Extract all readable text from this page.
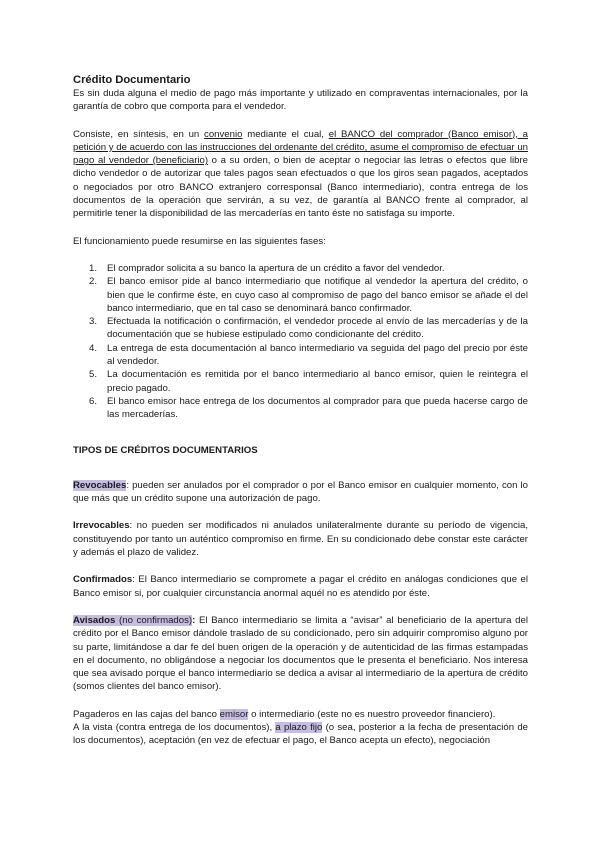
Crédito Documentario

Es sin duda alguna el medio de pago más importante y utilizado en compraventas internacionales, por la garantía de cobro que comporta para el vendedor.

Consiste, en síntesis, en un convenio mediante el cual, el BANCO del comprador (Banco emisor), a petición y de acuerdo con las instrucciones del ordenante del crédito, asume el compromiso de efectuar un pago al vendedor (beneficiario) o a su orden, o bien de aceptar o negociar las letras o efectos que libre dicho vendedor o de autorizar que tales pagos sean efectuados o que los giros sean pagados, aceptados o negociados por otro BANCO extranjero corresponsal (Banco intermediario), contra entrega de los documentos de la operación que servirán, a su vez, de garantía al BANCO frente al comprador, al permitirle tener la disponibilidad de las mercaderías en tanto éste no satisfaga su importe.

El funcionamiento puede resumirse en las siguientes fases:

1. El comprador solicita a su banco la apertura de un crédito a favor del vendedor.
2. El banco emisor pide al banco intermediario que notifique al vendedor la apertura del crédito, o bien que le confirme éste, en cuyo caso al compromiso de pago del banco emisor se añade el del banco intermediario, que en tal caso se denominará banco confirmador.
3. Efectuada la notificación o confirmación, el vendedor procede al envío de las mercaderías y de la documentación que se hubiese estipulado como condicionante del crédito.
4. La entrega de esta documentación al banco intermediario va seguida del pago del precio por éste al vendedor.
5. La documentación es remitida por el banco intermediario al banco emisor, quien le reintegra el precio pagado.
6. El banco emisor hace entrega de los documentos al comprador para que pueda hacerse cargo de las mercaderías.

TIPOS DE CRÉDITOS DOCUMENTARIOS

Revocables: pueden ser anulados por el comprador o por el Banco emisor en cualquier momento, con lo que más que un crédito supone una autorización de pago.

Irrevocables: no pueden ser modificados ni anulados unilateralmente durante su período de vigencia, constituyendo por tanto un auténtico compromiso en firme. En su condicionado debe constar este carácter y además el plazo de validez.

Confirmados: El Banco intermediario se compromete a pagar el crédito en análogas condiciones que el Banco emisor si, por cualquier circunstancia anormal aquél no es atendido por éste.

Avisados (no confirmados): El Banco intermediario se limita a “avisar” al beneficiario de la apertura del crédito por el Banco emisor dándole traslado de su condicionado, pero sin adquirir compromiso alguno por su parte, limitándose a dar fe del buen origen de la operación y de autenticidad de las firmas estampadas en el documento, no obligándose a negociar los documentos que le presenta el beneficiario. Nos interesa que sea avisado porque el banco intermediario se dedica a avisar al intermediario de la apertura de crédito (somos clientes del banco emisor).

Pagaderos en las cajas del banco emisor o intermediario (este no es nuestro proveedor financiero).

A la vista (contra entrega de los documentos), a plazo fijo (o sea, posterior a la fecha de presentación de los documentos), aceptación (en vez de efectuar el pago, el Banco acepta un efecto), negociación
